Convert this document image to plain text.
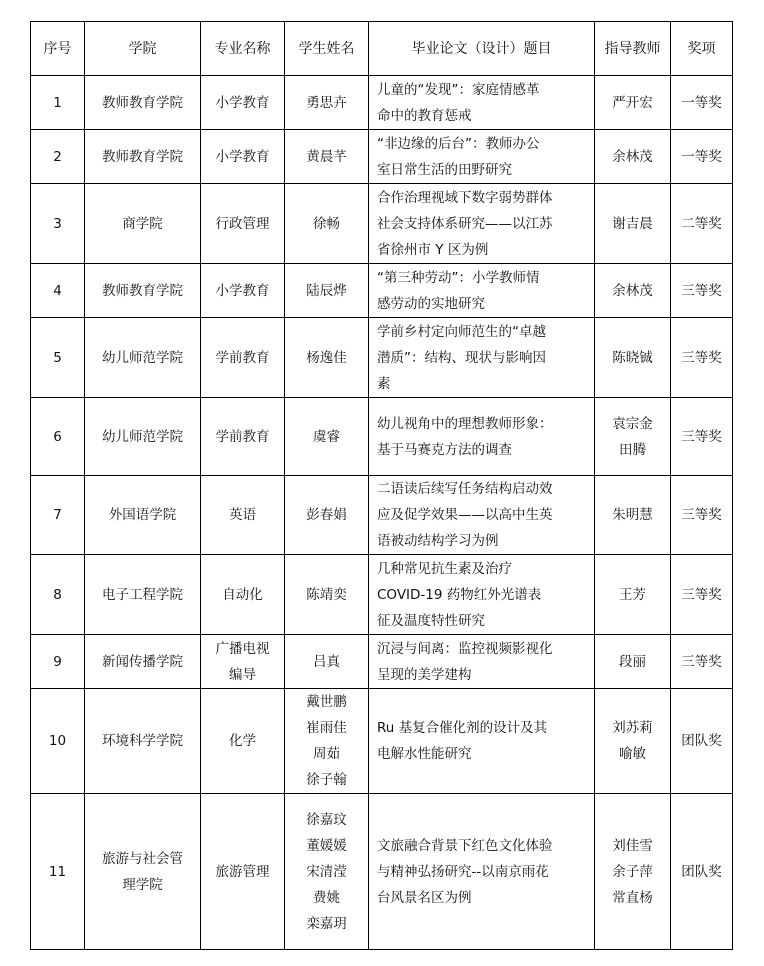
序号	学院	专业名称	学生姓名	毕业论文（设计）题目	指导教师	奖项
1	教师教育学院	小学教育	勇思卉	儿童的“发现”：家庭情感革
命中的教育惩戒	严开宏	一等奖
2	教师教育学院	小学教育	黄晨芊	“非边缘的后台”：教师办公
室日常生活的田野研究	余林茂	一等奖
3	商学院	行政管理	徐畅	合作治理视域下数字弱势群体
社会支持体系研究——以江苏
省徐州市 Y 区为例	谢吉晨	二等奖
4	教师教育学院	小学教育	陆辰烨	“第三种劳动”：小学教师情
感劳动的实地研究	余林茂	三等奖
5	幼儿师范学院	学前教育	杨逸佳	学前乡村定向师范生的“卓越
潜质”：结构、现状与影响因
素	陈晓铖	三等奖
6	幼儿师范学院	学前教育	虞睿	幼儿视角中的理想教师形象：
基于马赛克方法的调查	袁宗金
田腾	三等奖
7	外国语学院	英语	彭春娟	二语读后续写任务结构启动效
应及促学效果——以高中生英
语被动结构学习为例	朱明慧	三等奖
8	电子工程学院	自动化	陈靖奕	几种常见抗生素及治疗
COVID-19 药物红外光谱表
征及温度特性研究	王芳	三等奖
9	新闻传播学院	广播电视
编导	吕真	沉浸与间离：监控视频影视化
呈现的美学建构	段丽	三等奖
10	环境科学学院	化学	戴世鹏
崔雨佳
周茹
徐子翰	Ru 基复合催化剂的设计及其
电解水性能研究	刘苏莉
喻敏	团队奖
11	旅游与社会管
理学院	旅游管理	徐嘉玟
董媛媛
宋清滢
费姚
栾嘉玥	文旅融合背景下红色文化体验
与精神弘扬研究--以南京雨花
台风景名区为例	刘佳雪
余子萍
常直杨	团队奖
